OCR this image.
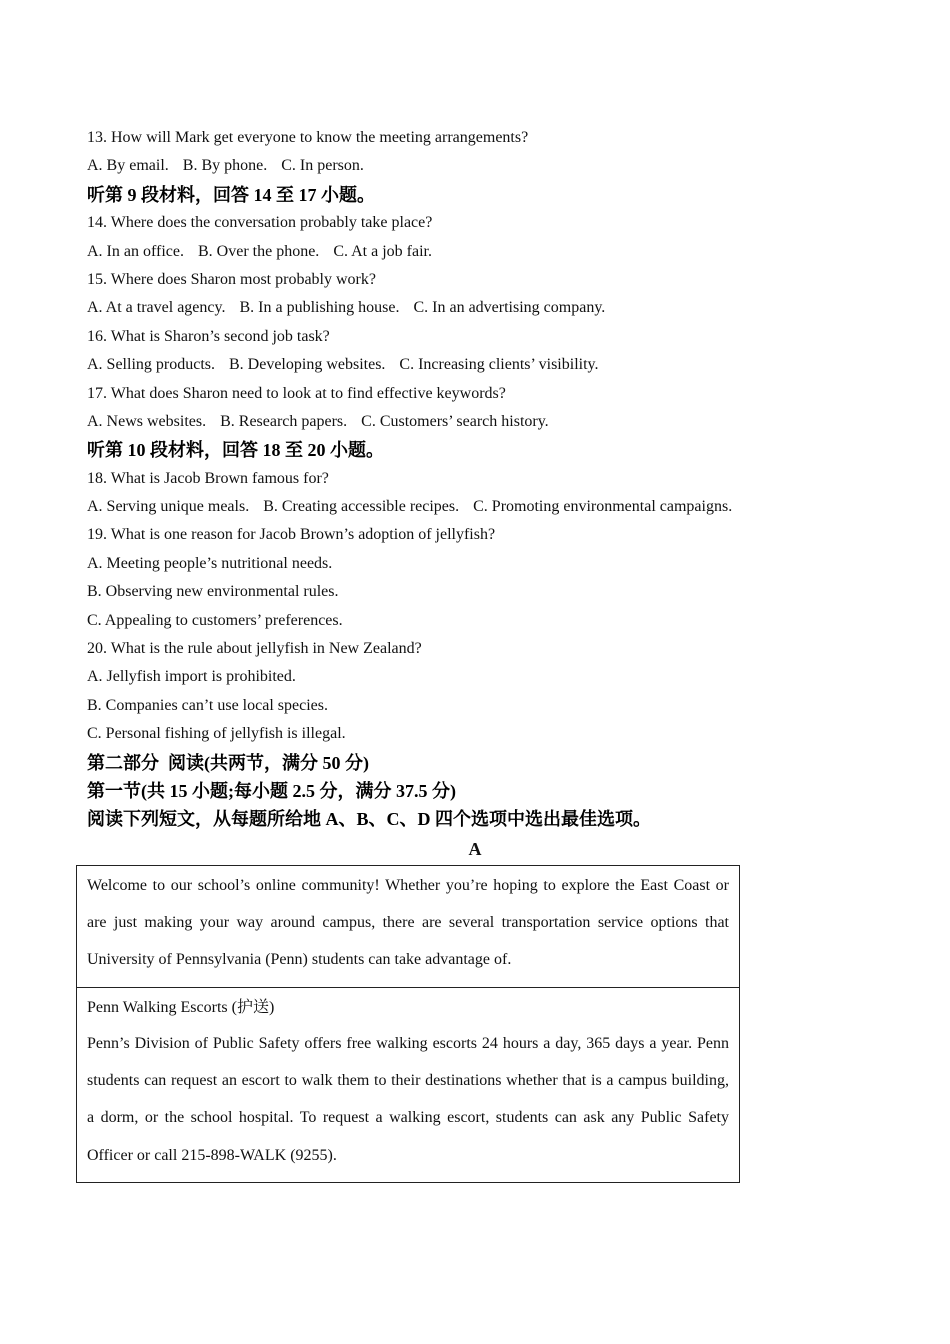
13. How will Mark get everyone to know the meeting arrangements?
A. By email. B. By phone. C. In person.
听第 9 段材料，回答 14 至 17 小题。
14. Where does the conversation probably take place?
A. In an office. B. Over the phone. C. At a job fair.
15. Where does Sharon most probably work?
A. At a travel agency. B. In a publishing house. C. In an advertising company.
16. What is Sharon’s second job task?
A. Selling products. B. Developing websites. C. Increasing clients’ visibility.
17. What does Sharon need to look at to find effective keywords?
A. News websites. B. Research papers. C. Customers’ search history.
听第 10 段材料，回答 18 至 20 小题。
18. What is Jacob Brown famous for?
A. Serving unique meals. B. Creating accessible recipes. C. Promoting environmental campaigns.
19. What is one reason for Jacob Brown’s adoption of jellyfish?
A. Meeting people’s nutritional needs.
B. Observing new environmental rules.
C. Appealing to customers’ preferences.
20. What is the rule about jellyfish in New Zealand?
A. Jellyfish import is prohibited.
B. Companies can’t use local species.
C. Personal fishing of jellyfish is illegal.
第二部分  阅读(共两节，满分 50 分)
第一节(共 15 小题;每小题 2.5 分，满分 37.5 分)
阅读下列短文，从每题所给地 A、B、C、D 四个选项中选出最佳选项。
A

Welcome to our school’s online community! Whether you’re hoping to explore the East Coast or are just making your way around campus, there are several transportation service options that University of Pennsylvania (Penn) students can take advantage of.

Penn Walking Escorts (护送)

Penn’s Division of Public Safety offers free walking escorts 24 hours a day, 365 days a year. Penn students can request an escort to walk them to their destinations whether that is a campus building, a dorm, or the school hospital. To request a walking escort, students can ask any Public Safety Officer or call 215-898-WALK (9255).
